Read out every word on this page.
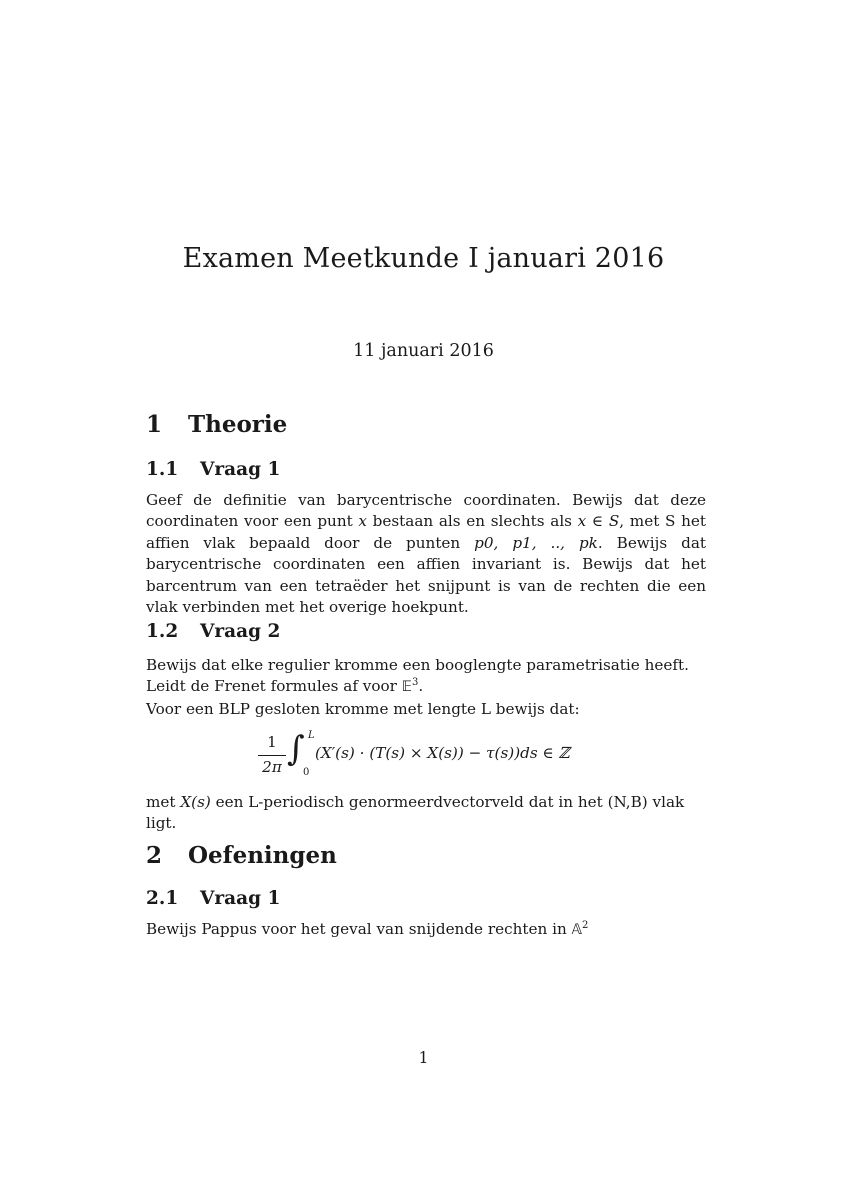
Examen Meetkunde I januari 2016
11 januari 2016
1 Theorie
1.1 Vraag 1

Geef de definitie van barycentrische coordinaten. Bewijs dat deze coordinaten voor een punt x bestaan als en slechts als x ∈ S, met S het affien vlak bepaald door de punten p0, p1, .., pk. Bewijs dat barycentrische coordinaten een affien invariant is. Bewijs dat het barcentrum van een tetraëder het snijpunt is van de rechten die een vlak verbinden met het overige hoekpunt.

1.2 Vraag 2

Bewijs dat elke regulier kromme een booglengte parametrisatie heeft.

Leidt de Frenet formules af voor 𝔼$^3$.

Voor een BLP gesloten kromme met lengte L bewijs dat:

1
2π ∫ L
0
(X′(s) · (T(s) × X(s)) − τ(s))ds ∈ ℤ

met X(s) een L-periodisch genormeerdvectorveld dat in het (N,B) vlak ligt.

2 Oefeningen
2.1 Vraag 1

Bewijs Pappus voor het geval van snijdende rechten in 𝔸$^2$

1
